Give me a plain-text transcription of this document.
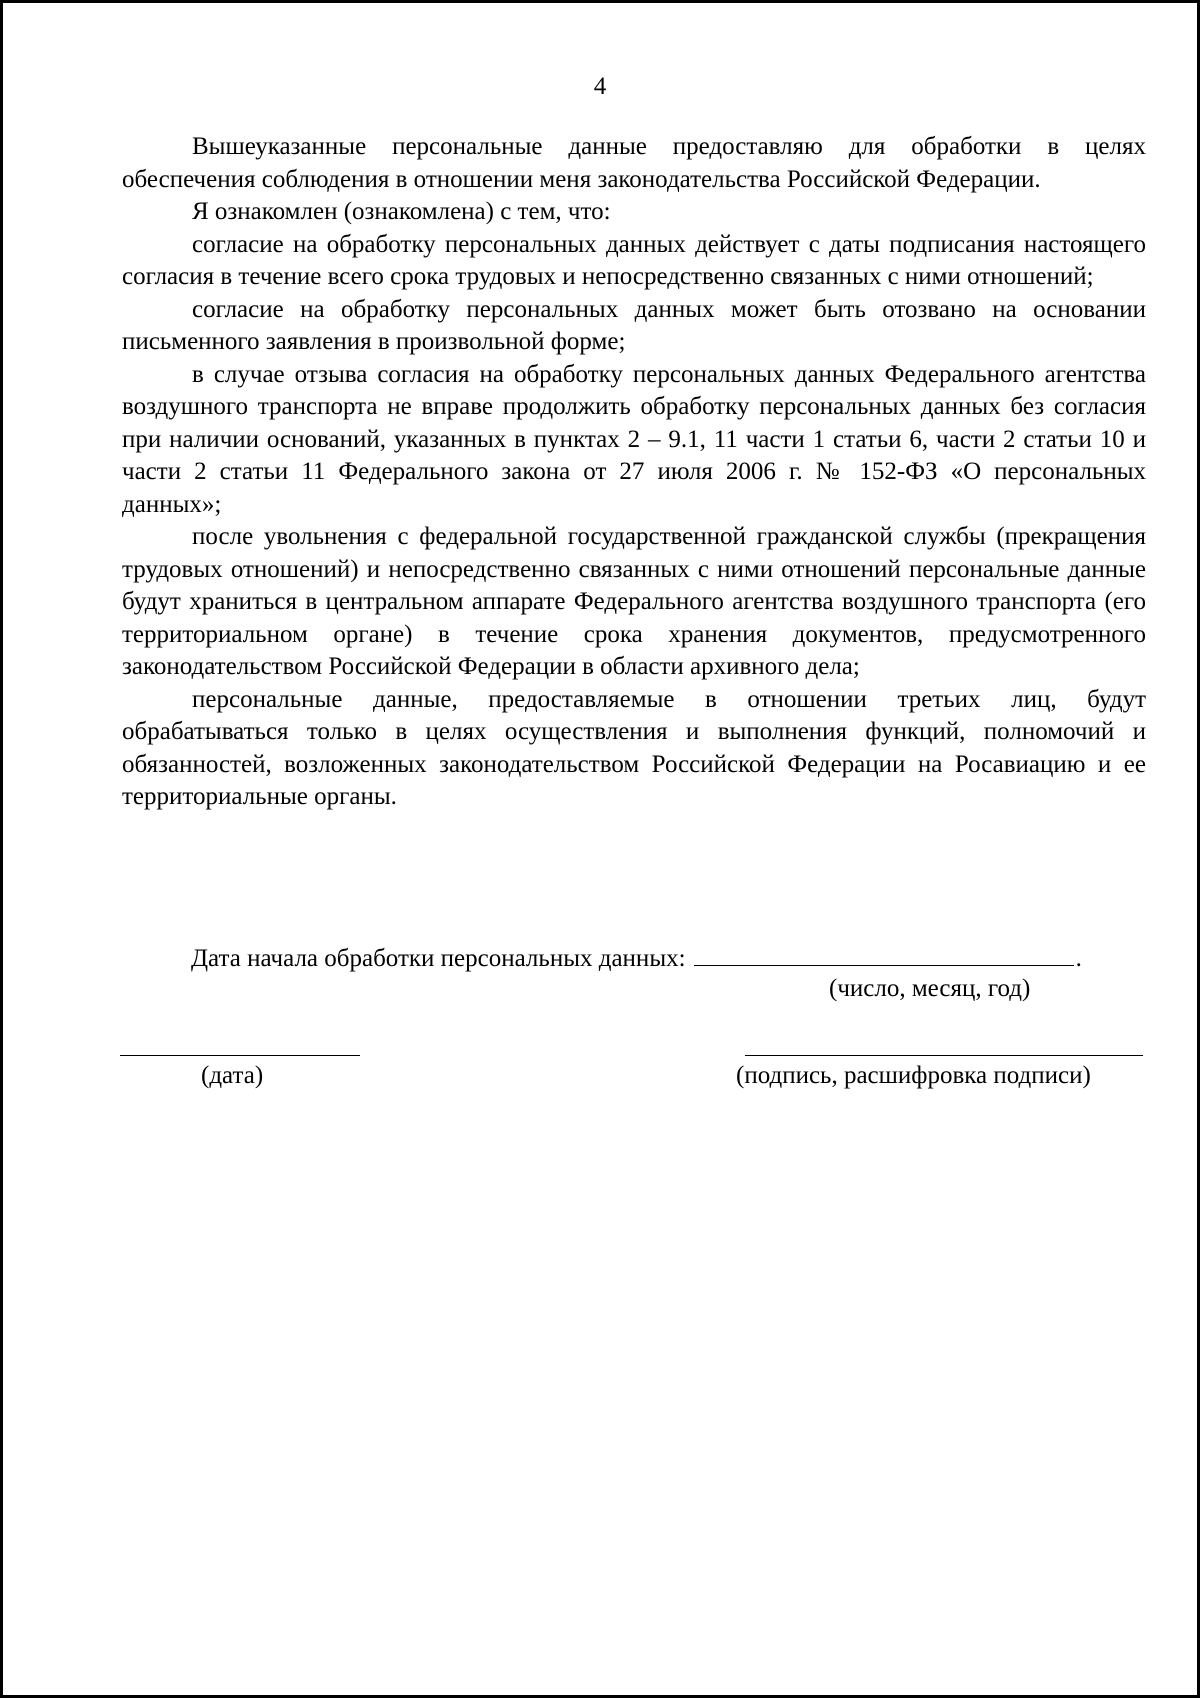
4

Вышеуказанные персональные данные предоставляю для обработки в целях обеспечения соблюдения в отношении меня законодательства Российской Федерации.

Я ознакомлен (ознакомлена) с тем, что:

согласие на обработку персональных данных действует с даты подписания настоящего согласия в течение всего срока трудовых и непосредственно связанных с ними отношений;

согласие на обработку персональных данных может быть отозвано на основании письменного заявления в произвольной форме;

в случае отзыва согласия на обработку персональных данных Федерального агентства воздушного транспорта не вправе продолжить обработку персональных данных без согласия при наличии оснований, указанных в пунктах 2 – 9.1, 11 части 1 статьи 6, части 2 статьи 10 и части 2 статьи 11 Федерального закона от 27 июля 2006 г. № 152-ФЗ «О персональных данных»;

после увольнения с федеральной государственной гражданской службы (прекращения трудовых отношений) и непосредственно связанных с ними отношений персональные данные будут храниться в центральном аппарате Федерального агентства воздушного транспорта (его территориальном органе) в течение срока хранения документов, предусмотренного законодательством Российской Федерации в области архивного дела;

персональные данные, предоставляемые в отношении третьих лиц, будут обрабатываться только в целях осуществления и выполнения функций, полномочий и обязанностей, возложенных законодательством Российской Федерации на Росавиацию и ее территориальные органы.

Дата начала обработки персональных данных:	.
(число, месяц, год)
(дата)	(подпись, расшифровка подписи)
